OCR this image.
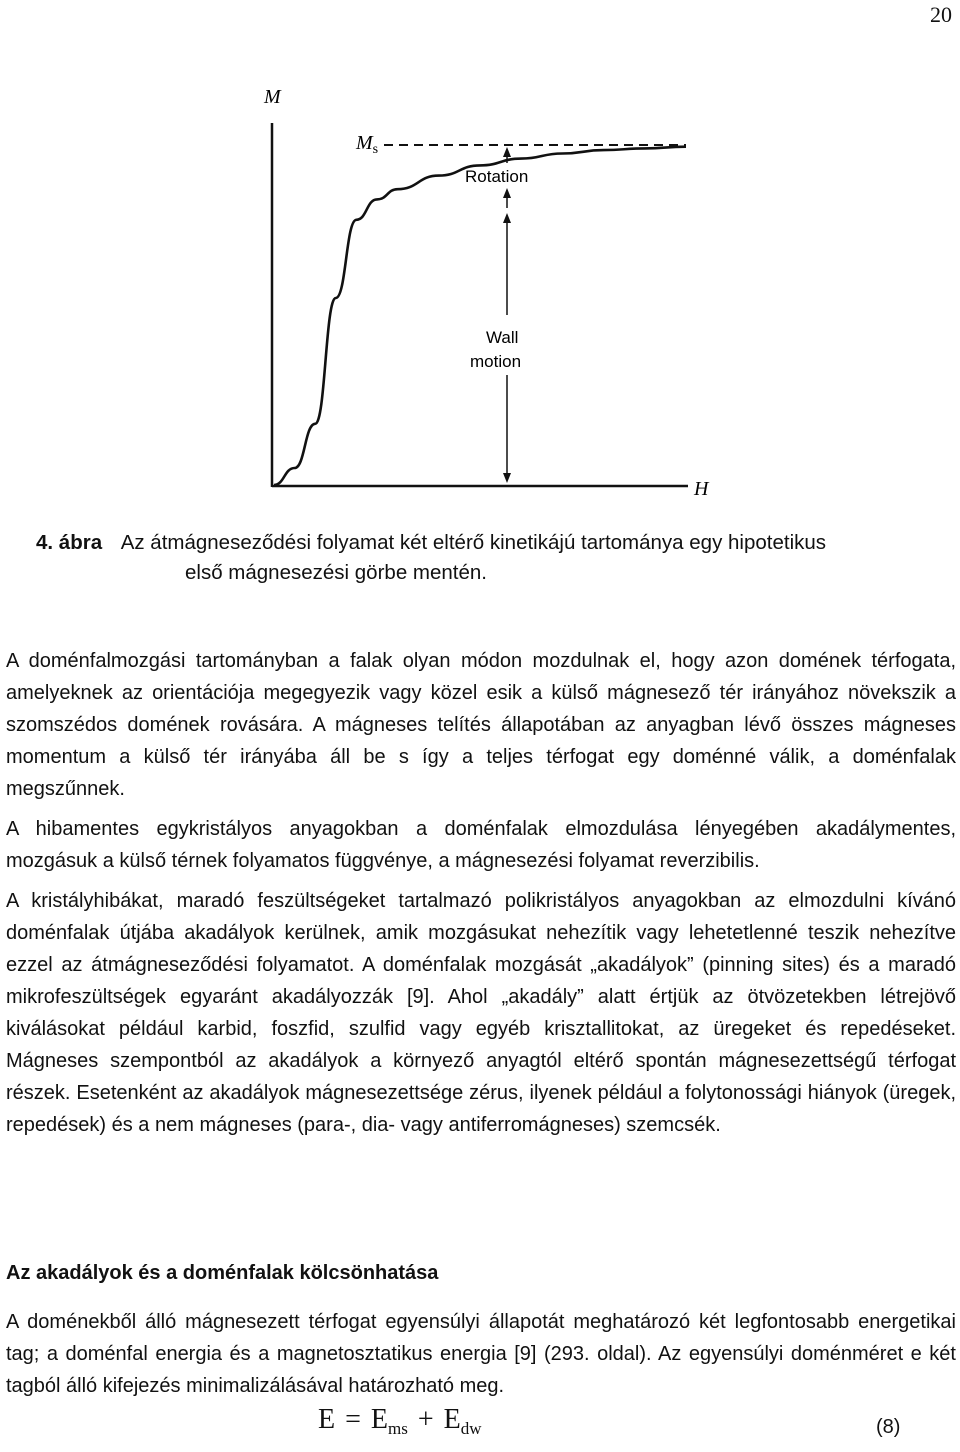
20
M
H
$M_s$
Rotation
Wall
motion
4. ábra Az átmágneseződési folyamat két eltérő kinetikájú tartománya egy hipotetikus
első mágnesezési görbe mentén.

A doménfalmozgási tartományban a falak olyan módon mozdulnak el, hogy azon domének térfogata, amelyeknek az orientációja megegyezik vagy közel esik a külső mágnesező tér irányához növekszik a szomszédos domének rovására. A mágneses telítés állapotában az anyagban lévő összes mágneses momentum a külső tér irányába áll be s így a teljes térfogat egy doménné válik, a doménfalak megszűnnek.

A hibamentes egykristályos anyagokban a doménfalak elmozdulása lényegében akadálymentes, mozgásuk a külső térnek folyamatos függvénye, a mágnesezési folyamat reverzibilis.

A kristályhibákat, maradó feszültségeket tartalmazó polikristályos anyagokban az elmozdulni kívánó doménfalak útjába akadályok kerülnek, amik mozgásukat nehezítik vagy lehetetlenné teszik nehezítve ezzel az átmágneseződési folyamatot. A doménfalak mozgását „akadályok” (pinning sites) és a maradó mikrofeszültségek egyaránt akadályozzák [9]. Ahol „akadály” alatt értjük az ötvözetekben létrejövő kiválásokat például karbid, foszfid, szulfid vagy egyéb krisztallitokat, az üregeket és repedéseket. Mágneses szempontból az akadályok a környező anyagtól eltérő spontán mágnesezettségű térfogat részek. Esetenként az akadályok mágnesezettsége zérus, ilyenek például a folytonossági hiányok (üregek, repedések) és a nem mágneses (para-, dia- vagy antiferromágneses) szemcsék.

Az akadályok és a doménfalak kölcsönhatása

A doménekből álló mágnesezett térfogat egyensúlyi állapotát meghatározó két legfontosabb energetikai tag; a doménfal energia és a magnetosztatikus energia [9] (293. oldal). Az egyensúlyi doménméret e két tagból álló kifejezés minimalizálásával határozható meg.

$E = E_{ms} + E_{dw}$	(8)
